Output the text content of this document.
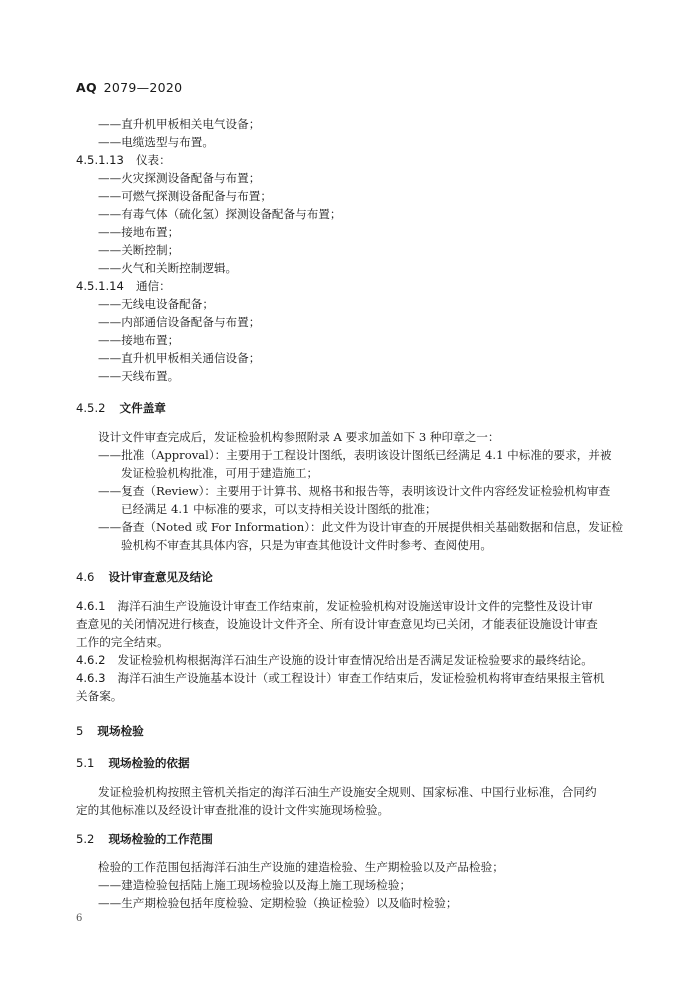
AQ 2079—2020
——直升机甲板相关电气设备；
——电缆选型与布置。
4.5.1.13 仪表：
——火灾探测设备配备与布置；
——可燃气探测设备配备与布置；
——有毒气体（硫化氢）探测设备配备与布置；
——接地布置；
——关断控制；
——火气和关断控制逻辑。
4.5.1.14 通信：
——无线电设备配备；
——内部通信设备配备与布置；
——接地布置；
——直升机甲板相关通信设备；
——天线布置。
4.5.2 文件盖章
设计文件审查完成后，发证检验机构参照附录 A 要求加盖如下 3 种印章之一：
——批准（Approval）：主要用于工程设计图纸，表明该设计图纸已经满足 4.1 中标准的要求，并被
发证检验机构批准，可用于建造施工；
——复查（Review）：主要用于计算书、规格书和报告等，表明该设计文件内容经发证检验机构审查
已经满足 4.1 中标准的要求，可以支持相关设计图纸的批准；
——备查（Noted 或 For Information）：此文件为设计审查的开展提供相关基础数据和信息，发证检
验机构不审查其具体内容，只是为审查其他设计文件时参考、查阅使用。
4.6 设计审查意见及结论
4.6.1 海洋石油生产设施设计审查工作结束前，发证检验机构对设施送审设计文件的完整性及设计审
查意见的关闭情况进行核查，设施设计文件齐全、所有设计审查意见均已关闭，才能表征设施设计审查
工作的完全结束。
4.6.2 发证检验机构根据海洋石油生产设施的设计审查情况给出是否满足发证检验要求的最终结论。
4.6.3 海洋石油生产设施基本设计（或工程设计）审查工作结束后，发证检验机构将审查结果报主管机
关备案。
5 现场检验
5.1 现场检验的依据
发证检验机构按照主管机关指定的海洋石油生产设施安全规则、国家标准、中国行业标准，合同约
定的其他标准以及经设计审查批准的设计文件实施现场检验。
5.2 现场检验的工作范围
检验的工作范围包括海洋石油生产设施的建造检验、生产期检验以及产品检验；
——建造检验包括陆上施工现场检验以及海上施工现场检验；
——生产期检验包括年度检验、定期检验（换证检验）以及临时检验；
6
